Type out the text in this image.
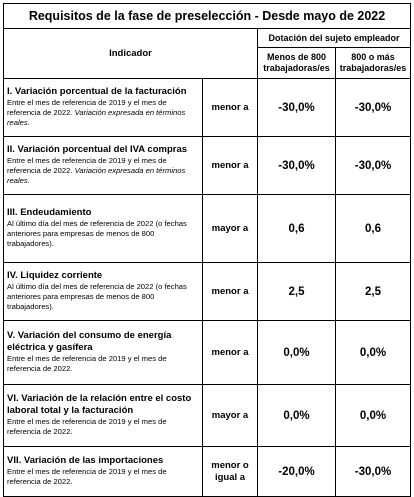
Requisitos de la fase de preselección - Desde mayo de 2022			
Indicador		Dotación del sujeto empleador	
		Menos de 800 trabajadoras/es	800 o más trabajadoras/es

I. Variación porcentual de la facturación
Entre el mes de referencia de 2019 y el mes de referencia de 2022. Variación expresada en términos reales.	menor a	-30,0%	-30,0%

II. Variación porcentual del IVA compras
Entre el mes de referencia de 2019 y el mes de referencia de 2022. Variación expresada en términos reales.	menor a	-30,0%	-30,0%

III. Endeudamiento
Al último día del mes de referencia de 2022 (o fechas anteriores para empresas de menos de 800 trabajadores).	mayor a	0,6	0,6

IV. Liquidez corriente
Al último día del mes de referencia de 2022 (o fechas anteriores para empresas de menos de 800 trabajadores).	menor a	2,5	2,5

V. Variación del consumo de energía eléctrica y gasífera
Entre el mes de referencia de 2019 y el mes de referencia de 2022.	menor a	0,0%	0,0%

VI. Variación de la relación entre el costo laboral total y la facturación
Entre el mes de referencia de 2019 y el mes de referencia de 2022.	mayor a	0,0%	0,0%

VII. Variación de las importaciones
Entre el mes de referencia de 2019 y el mes de referencia de 2022.	menor o igual a	-20,0%	-30,0%
